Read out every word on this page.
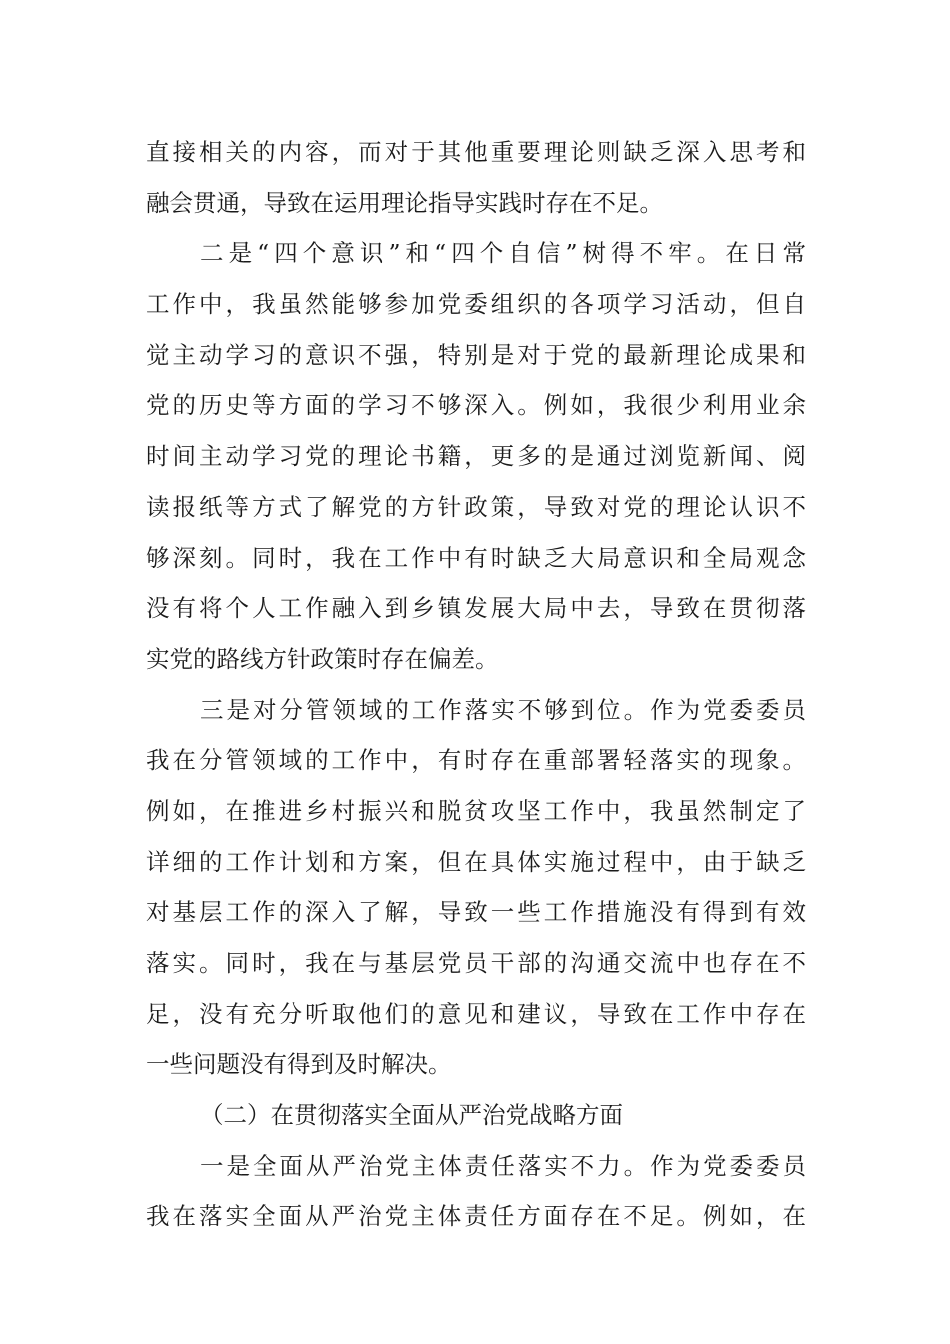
直接相关的内容，而对于其他重要理论则缺乏深入思考和
融会贯通，导致在运用理论指导实践时存在不足。
二是“四个意识”和“四个自信”树得不牢。在日常
工作中，我虽然能够参加党委组织的各项学习活动，但自
觉主动学习的意识不强，特别是对于党的最新理论成果和
党的历史等方面的学习不够深入。例如，我很少利用业余
时间主动学习党的理论书籍，更多的是通过浏览新闻、阅
读报纸等方式了解党的方针政策，导致对党的理论认识不
够深刻。同时，我在工作中有时缺乏大局意识和全局观念
没有将个人工作融入到乡镇发展大局中去，导致在贯彻落
实党的路线方针政策时存在偏差。
三是对分管领域的工作落实不够到位。作为党委委员
我在分管领域的工作中，有时存在重部署轻落实的现象。
例如，在推进乡村振兴和脱贫攻坚工作中，我虽然制定了
详细的工作计划和方案，但在具体实施过程中，由于缺乏
对基层工作的深入了解，导致一些工作措施没有得到有效
落实。同时，我在与基层党员干部的沟通交流中也存在不
足，没有充分听取他们的意见和建议，导致在工作中存在
一些问题没有得到及时解决。
（二）在贯彻落实全面从严治党战略方面
一是全面从严治党主体责任落实不力。作为党委委员
我在落实全面从严治党主体责任方面存在不足。例如，在
